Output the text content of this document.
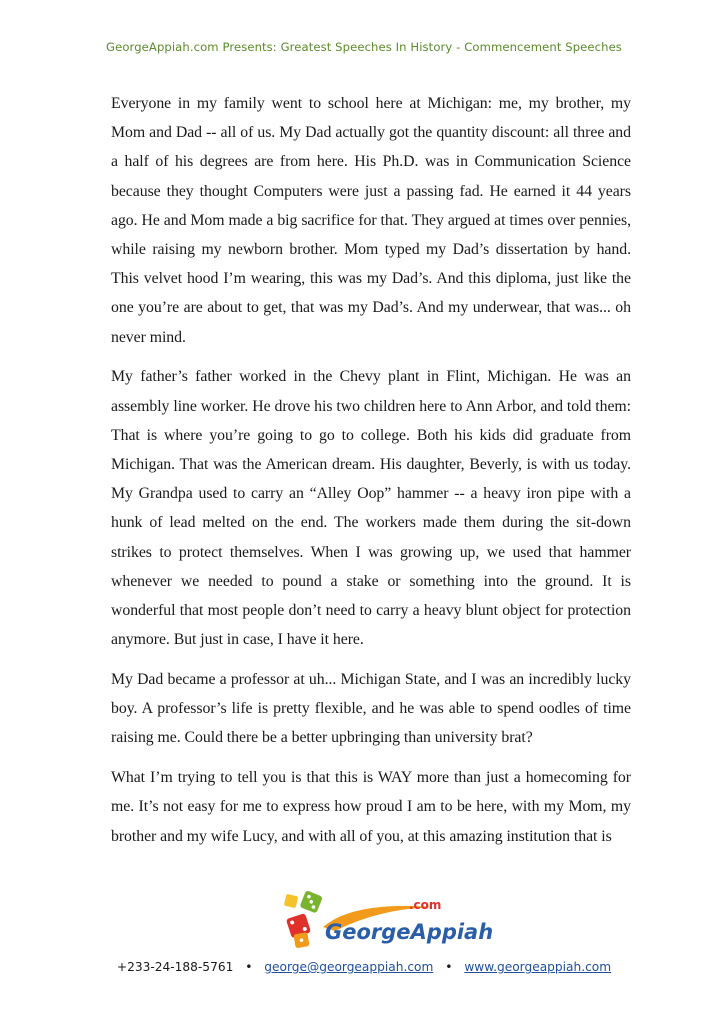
GeorgeAppiah.com Presents: Greatest Speeches In History - Commencement Speeches

Everyone in my family went to school here at Michigan: me, my brother, my Mom and Dad -- all of us. My Dad actually got the quantity discount: all three and a half of his degrees are from here. His Ph.D. was in Communication Science because they thought Computers were just a passing fad. He earned it 44 years ago. He and Mom made a big sacrifice for that. They argued at times over pennies, while raising my newborn brother. Mom typed my Dad’s dissertation by hand. This velvet hood I’m wearing, this was my Dad’s. And this diploma, just like the one you’re are about to get, that was my Dad’s. And my underwear, that was... oh never mind.

My father’s father worked in the Chevy plant in Flint, Michigan. He was an assembly line worker. He drove his two children here to Ann Arbor, and told them: That is where you’re going to go to college. Both his kids did graduate from Michigan. That was the American dream. His daughter, Beverly, is with us today. My Grandpa used to carry an “Alley Oop” hammer -- a heavy iron pipe with a hunk of lead melted on the end. The workers made them during the sit-down strikes to protect themselves. When I was growing up, we used that hammer whenever we needed to pound a stake or something into the ground. It is wonderful that most people don’t need to carry a heavy blunt object for protection anymore. But just in case, I have it here.

My Dad became a professor at uh... Michigan State, and I was an incredibly lucky boy. A professor’s life is pretty flexible, and he was able to spend oodles of time raising me. Could there be a better upbringing than university brat?

What I’m trying to tell you is that this is WAY more than just a homecoming for me. It’s not easy for me to express how proud I am to be here, with my Mom, my brother and my wife Lucy, and with all of you, at this amazing institution that is

.com
GeorgeAppiah
+233-24-188-5761 • george@georgeappiah.com • www.georgeappiah.com
